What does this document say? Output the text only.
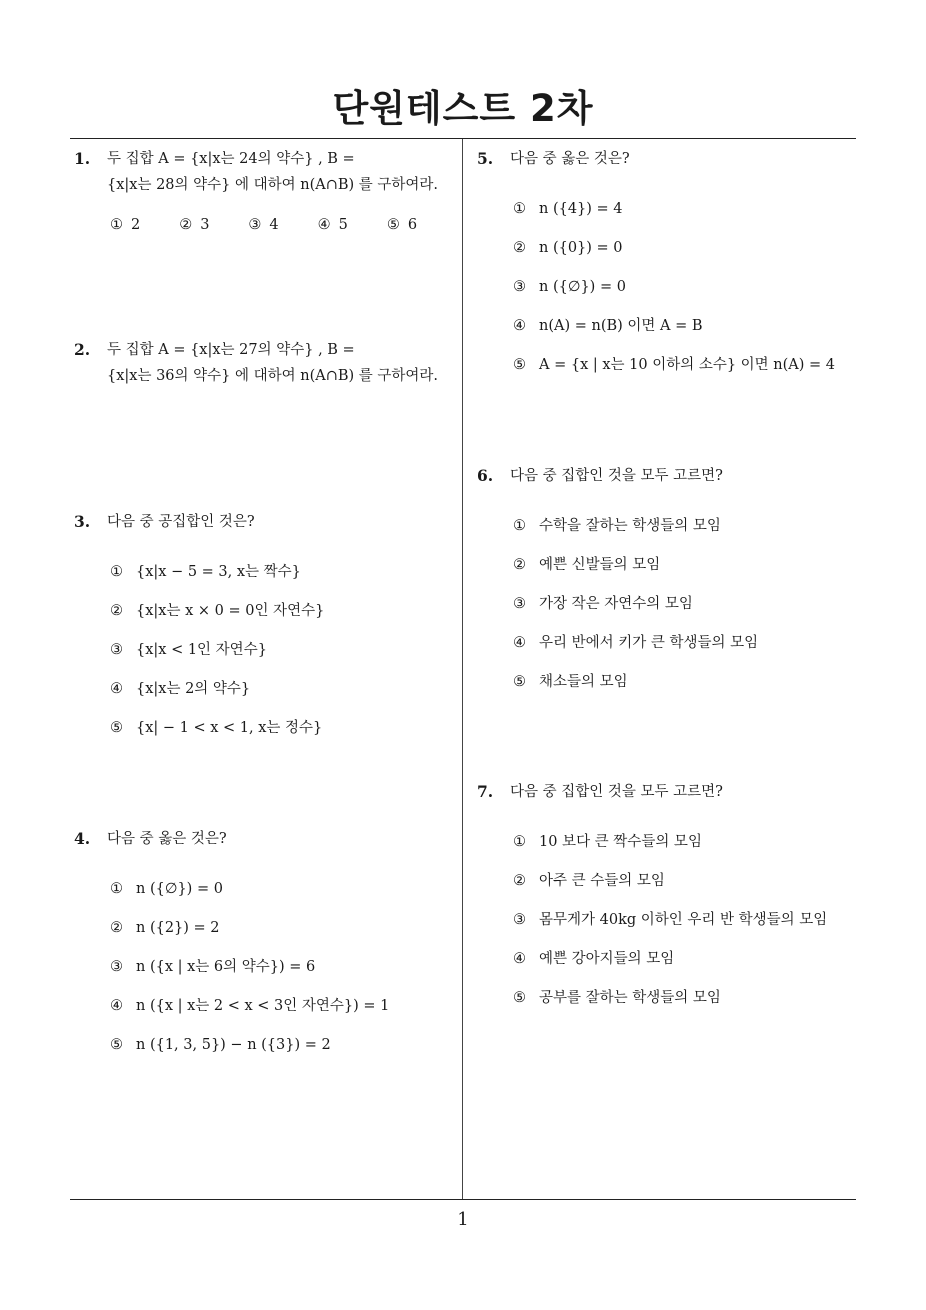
단원테스트 2차
1
1. 두 집합 A = {x|x는 24의 약수} , B =
{x|x는 28의 약수} 에 대하여 n(A∩B) 를 구하여라.
① 2	② 3	③ 4	④ 5	⑤ 6
2. 두 집합 A = {x|x는 27의 약수} , B =
{x|x는 36의 약수} 에 대하여 n(A∩B) 를 구하여라.
3.	다음 중 공집합인 것은?
① {x|x − 5 = 3, x는 짝수}
② {x|x는 x × 0 = 0인 자연수}
③ {x|x < 1인 자연수}
④ {x|x는 2의 약수}
⑤ {x| − 1 < x < 1, x는 정수}
4.	다음 중 옳은 것은?
① n ({∅}) = 0
② n ({2}) = 2
③ n ({x | x는 6의 약수}) = 6
④ n ({x | x는 2 < x < 3인 자연수}) = 1
⑤ n ({1, 3, 5}) − n ({3}) = 2
5.	다음 중 옳은 것은?
① n ({4}) = 4
② n ({0}) = 0
③ n ({∅}) = 0
④ n(A) = n(B) 이면 A = B
⑤ A = {x | x는 10 이하의 소수} 이면 n(A) = 4
6.	다음 중 집합인 것을 모두 고르면?
① 수학을 잘하는 학생들의 모임
② 예쁜 신발들의 모임
③ 가장 작은 자연수의 모임
④ 우리 반에서 키가 큰 학생들의 모임
⑤ 채소들의 모임
7.	다음 중 집합인 것을 모두 고르면?
① 10 보다 큰 짝수들의 모임
② 아주 큰 수들의 모임
③ 몸무게가 40kg 이하인 우리 반 학생들의 모임
④ 예쁜 강아지들의 모임
⑤ 공부를 잘하는 학생들의 모임
